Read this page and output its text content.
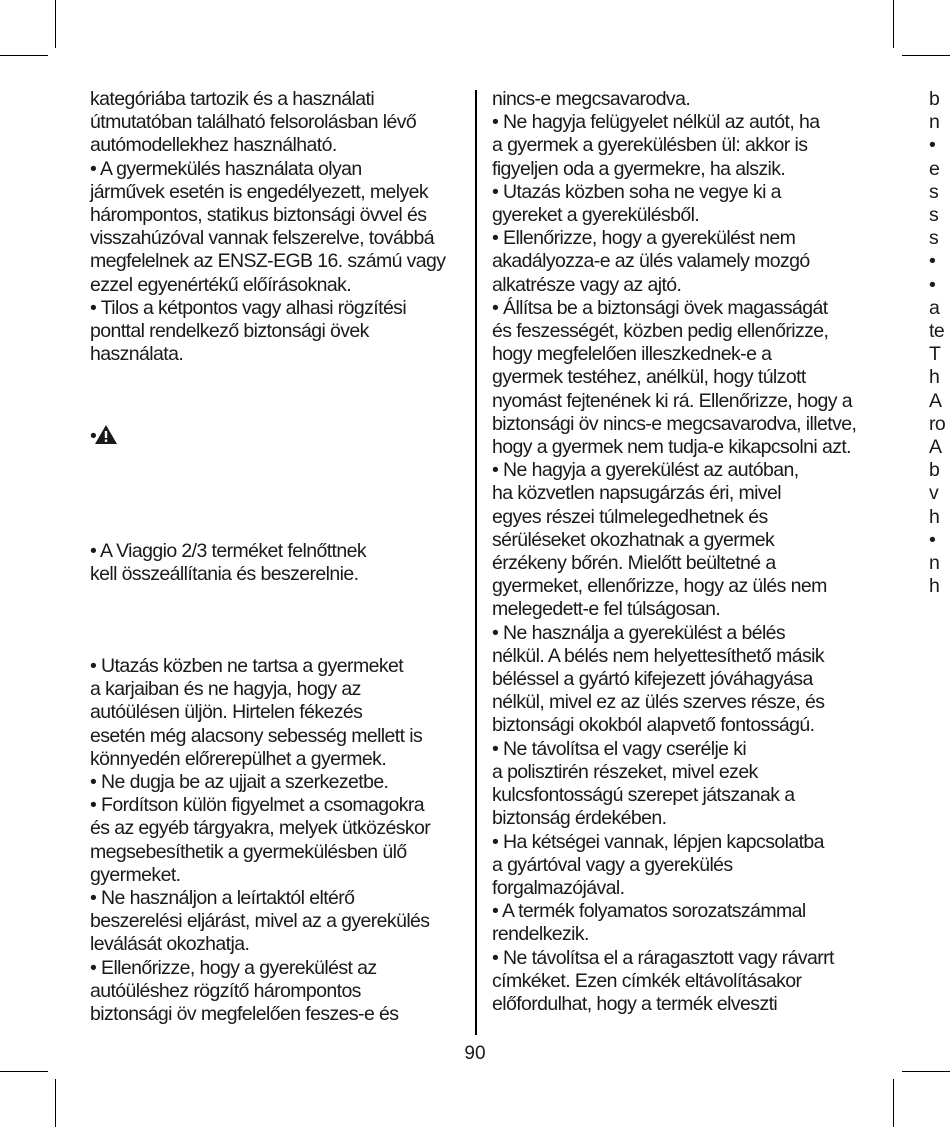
kategóriába tartozik és a használati
útmutatóban található felsorolásban lévő
autómodellekhez használható.
• A gyermekülés használata olyan
járművek esetén is engedélyezett, melyek
hárompontos, statikus biztonsági övvel és
visszahúzóval vannak felszerelve, továbbá
megfelelnek az ENSZ-EGB 16. számú vagy
ezzel egyenértékű előírásoknak.
• Tilos a kétpontos vagy alhasi rögzítési
ponttal rendelkező biztonsági övek
használata.

•

• A Viaggio 2/3 terméket felnőttnek
kell összeállítania és beszerelnie.

• Utazás közben ne tartsa a gyermeket
a karjaiban és ne hagyja, hogy az
autóülésen üljön. Hirtelen fékezés
esetén még alacsony sebesség mellett is
könnyedén előrerepülhet a gyermek.
• Ne dugja be az ujjait a szerkezetbe.
• Fordítson külön figyelmet a csomagokra
és az egyéb tárgyakra, melyek ütközéskor
megsebesíthetik a gyermekülésben ülő
gyermeket.
• Ne használjon a leírtaktól eltérő
beszerelési eljárást, mivel az a gyerekülés
leválását okozhatja.
• Ellenőrizze, hogy a gyerekülést az
autóüléshez rögzítő hárompontos
biztonsági öv megfelelően feszes-e és

nincs-e megcsavarodva.
• Ne hagyja felügyelet nélkül az autót, ha
a gyermek a gyerekülésben ül: akkor is
figyeljen oda a gyermekre, ha alszik.
• Utazás közben soha ne vegye ki a
gyereket a gyerekülésből.
• Ellenőrizze, hogy a gyerekülést nem
akadályozza-e az ülés valamely mozgó
alkatrésze vagy az ajtó.
• Állítsa be a biztonsági övek magasságát
és feszességét, közben pedig ellenőrizze,
hogy megfelelően illeszkednek-e a
gyermek testéhez, anélkül, hogy túlzott
nyomást fejtenének ki rá. Ellenőrizze, hogy a
biztonsági öv nincs-e megcsavarodva, illetve,
hogy a gyermek nem tudja-e kikapcsolni azt.
• Ne hagyja a gyerekülést az autóban,
ha közvetlen napsugárzás éri, mivel
egyes részei túlmelegedhetnek és
sérüléseket okozhatnak a gyermek
érzékeny bőrén. Mielőtt beültetné a
gyermeket, ellenőrizze, hogy az ülés nem
melegedett-e fel túlságosan.
• Ne használja a gyerekülést a bélés
nélkül. A bélés nem helyettesíthető másik
béléssel a gyártó kifejezett jóváhagyása
nélkül, mivel ez az ülés szerves része, és
biztonsági okokból alapvető fontosságú.
• Ne távolítsa el vagy cserélje ki
a polisztirén részeket, mivel ezek
kulcsfontosságú szerepet játszanak a
biztonság érdekében.
• Ha kétségei vannak, lépjen kapcsolatba
a gyártóval vagy a gyerekülés
forgalmazójával.
• A termék folyamatos sorozatszámmal
rendelkezik.
• Ne távolítsa el a ráragasztott vagy rávarrt
címkéket. Ezen címkék eltávolításakor
előfordulhat, hogy a termék elveszti

b
n
•
e
s
s
s
•
•
a
te
T
h
A
ro
A
b
v
h
•
n
h

90
